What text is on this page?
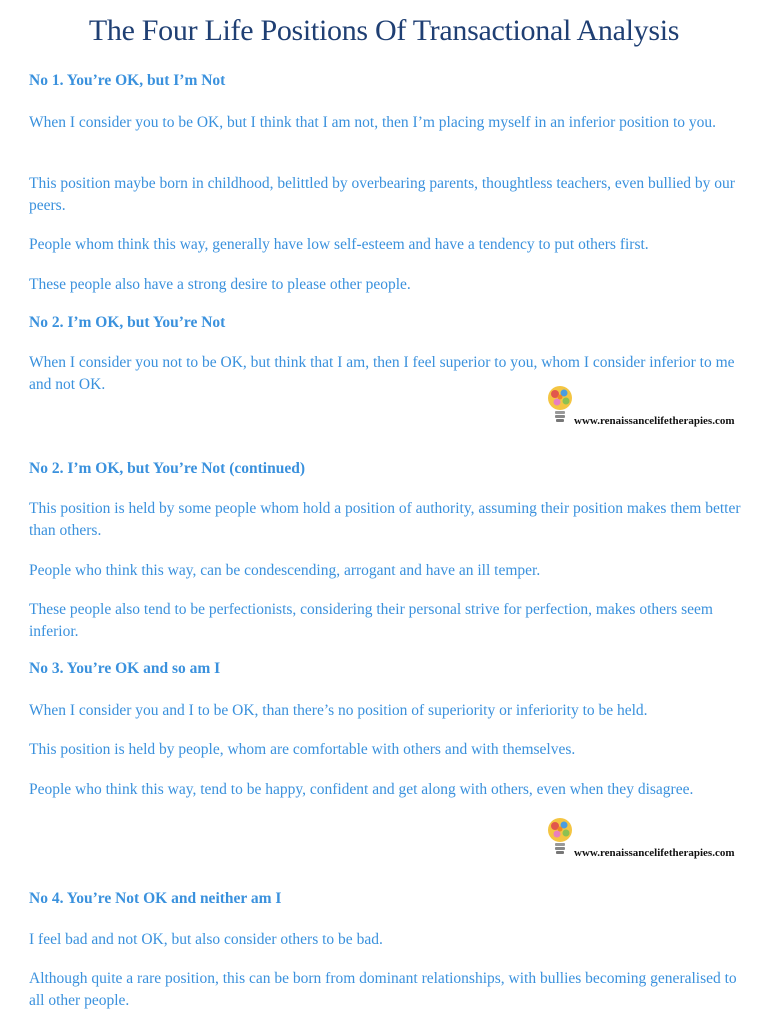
The Four Life Positions Of Transactional Analysis
No 1. You’re OK, but I’m Not

When I consider you to be OK, but I think that I am not, then I’m placing myself in an inferior position to you.

This position maybe born in childhood, belittled by overbearing parents, thoughtless teachers, even bullied by our peers.

People whom think this way, generally have low self-esteem and have a tendency to put others first.

These people also have a strong desire to please other people.

No 2. I’m OK, but You’re Not

When I consider you not to be OK, but think that I am, then I feel superior to you, whom I consider inferior to me and not OK.

www.renaissancelifetherapies.com
No 2. I’m OK, but You’re Not (continued)

This position is held by some people whom hold a position of authority, assuming their position makes them better than others.

People who think this way, can be condescending, arrogant and have an ill temper.

These people also tend to be perfectionists, considering their personal strive for perfection, makes others seem inferior.

No 3. You’re OK and so am I

When I consider you and I to be OK, than there’s no position of superiority or inferiority to be held.

This position is held by people, whom are comfortable with others and with themselves.

People who think this way, tend to be happy, confident and get along with others, even when they disagree.

www.renaissancelifetherapies.com
No 4. You’re Not OK and neither am I

I feel bad and not OK, but also consider others to be bad.

Although quite a rare position, this can be born from dominant relationships, with bullies becoming generalised to all other people.
